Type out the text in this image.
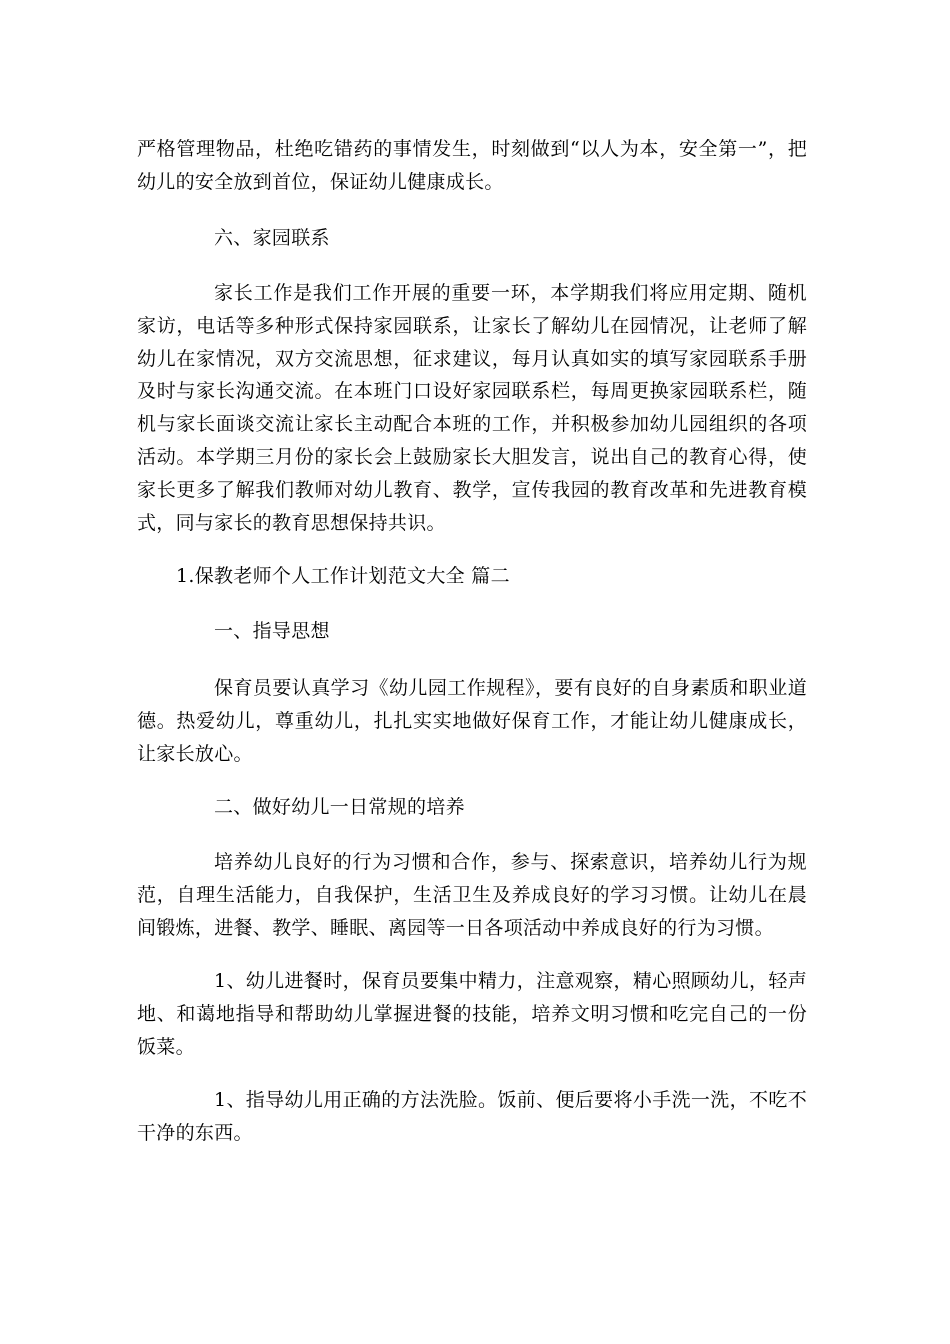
严格管理物品，杜绝吃错药的事情发生，时刻做到“以人为本，安全第一”，把幼儿的安全放到首位，保证幼儿健康成长。

六、家园联系

家长工作是我们工作开展的重要一环，本学期我们将应用定期、随机家访，电话等多种形式保持家园联系，让家长了解幼儿在园情况，让老师了解幼儿在家情况，双方交流思想，征求建议，每月认真如实的填写家园联系手册及时与家长沟通交流。在本班门口设好家园联系栏，每周更换家园联系栏，随机与家长面谈交流让家长主动配合本班的工作，并积极参加幼儿园组织的各项活动。本学期三月份的家长会上鼓励家长大胆发言，说出自己的教育心得，使家长更多了解我们教师对幼儿教育、教学，宣传我园的教育改革和先进教育模式，同与家长的教育思想保持共识。

1.保教老师个人工作计划范文大全 篇二
一、指导思想

保育员要认真学习《幼儿园工作规程》，要有良好的自身素质和职业道德。热爱幼儿，尊重幼儿，扎扎实实地做好保育工作，才能让幼儿健康成长，让家长放心。

二、做好幼儿一日常规的培养

培养幼儿良好的行为习惯和合作，参与、探索意识，培养幼儿行为规范，自理生活能力，自我保护，生活卫生及养成良好的学习习惯。让幼儿在晨间锻炼，进餐、教学、睡眠、离园等一日各项活动中养成良好的行为习惯。

1、幼儿进餐时，保育员要集中精力，注意观察，精心照顾幼儿，轻声地、和蔼地指导和帮助幼儿掌握进餐的技能，培养文明习惯和吃完自己的一份饭菜。

1、指导幼儿用正确的方法洗脸。饭前、便后要将小手洗一洗，不吃不干净的东西。
